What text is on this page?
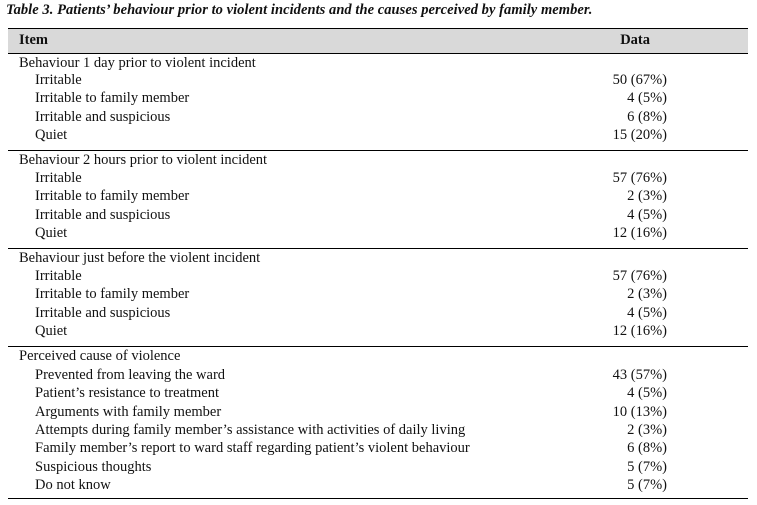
Table 3. Patients’ behaviour prior to violent incidents and the causes perceived by family member.
Item	Data
Behaviour 1 day prior to violent incident
Irritable	50 (67%)
Irritable to family member	4 (5%)
Irritable and suspicious	6 (8%)
Quiet	15 (20%)
Behaviour 2 hours prior to violent incident
Irritable	57 (76%)
Irritable to family member	2 (3%)
Irritable and suspicious	4 (5%)
Quiet	12 (16%)
Behaviour just before the violent incident
Irritable	57 (76%)
Irritable to family member	2 (3%)
Irritable and suspicious	4 (5%)
Quiet	12 (16%)
Perceived cause of violence
Prevented from leaving the ward	43 (57%)
Patient’s resistance to treatment	4 (5%)
Arguments with family member	10 (13%)
Attempts during family member’s assistance with activities of daily living	2 (3%)
Family member’s report to ward staff regarding patient’s violent behaviour	6 (8%)
Suspicious thoughts	5 (7%)
Do not know	5 (7%)
